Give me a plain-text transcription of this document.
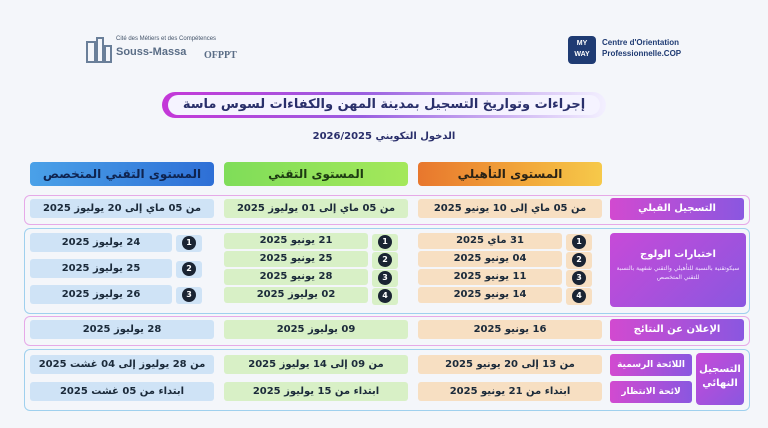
Cité des Métiers et des Compétences
Souss-Massa OFPPT
MY
WAY
Centre d'Orientation
Professionnelle.COP
إجراءات وتواريخ التسجيل بمدينة المهن والكفاءات لسوس ماسة
الدخول التكويني 2026/2025
المستوى التأهيلي
المستوى التقني
المستوى التقني المتخصص
التسجيل القبلي
من 05 ماي إلى 10 يونيو 2025
من 05 ماي إلى 01 يوليوز 2025
من 05 ماي إلى 20 يوليوز 2025
اختبارات الولوج
سيكوتقنية بالنسبة للتأهيلي والتقني شفهية بالنسبة للتقني المتخصص
1
31 ماي 2025
2
04 يونيو 2025
3
11 يونيو 2025
4
14 يونيو 2025
1
21 يونيو 2025
2
25 يونيو 2025
3
28 يونيو 2025
4
02 يوليوز 2025
1
24 يوليوز 2025
2
25 يوليوز 2025
3
26 يوليوز 2025
الإعلان عن النتائج
16 يونيو 2025
09 يوليوز 2025
28 يوليوز 2025
التسجيل النهائي
اللائحة الرسمية
لائحة الانتظار
من 13 إلى 20 يونيو 2025
من 09 إلى 14 يوليوز 2025
من 28 يوليوز إلى 04 غشت 2025
ابتداء من 21 يونيو 2025
ابتداء من 15 يوليوز 2025
ابتداء من 05 غشت 2025
